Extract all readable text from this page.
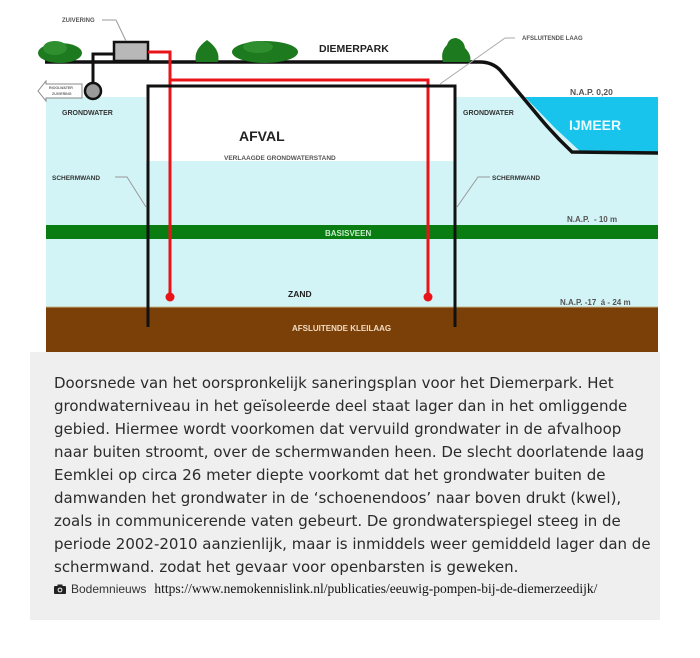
ZUIVERING
DIEMERPARK
AFSLUITENDE LAAG
N.A.P. 0,20
IJMEER
GRONDWATER	GRONDWATER
AFVAL
VERLAAGDE GRONDWATERSTAND
SCHERMWAND	SCHERMWAND
N.A.P.  - 10 m
BASISVEEN
ZAND
N.A.P. -17  á - 24 m
AFSLUITENDE KLEILAAG
RIOOLWATER
ZUIVERING

Doorsnede van het oorspronkelijk saneringsplan voor het Diemerpark. Het grondwaterniveau in het geïsoleerde deel staat lager dan in het omliggende gebied. Hiermee wordt voorkomen dat vervuild grondwater in de afvalhoop naar buiten stroomt, over de schermwanden heen. De slecht doorlatende laag Eemklei op circa 26 meter diepte voorkomt dat het grondwater buiten de damwanden het grondwater in de ‘schoenendoos’ naar boven drukt (kwel), zoals in communicerende vaten gebeurt. De grondwaterspiegel steeg in de periode 2002-2010 aanzienlijk, maar is inmiddels weer gemiddeld lager dan de schermwand. zodat het gevaar voor openbarsten is geweken.

Bodemnieuws https://www.nemokennislink.nl/publicaties/eeuwig-pompen-bij-de-diemerzeedijk/
